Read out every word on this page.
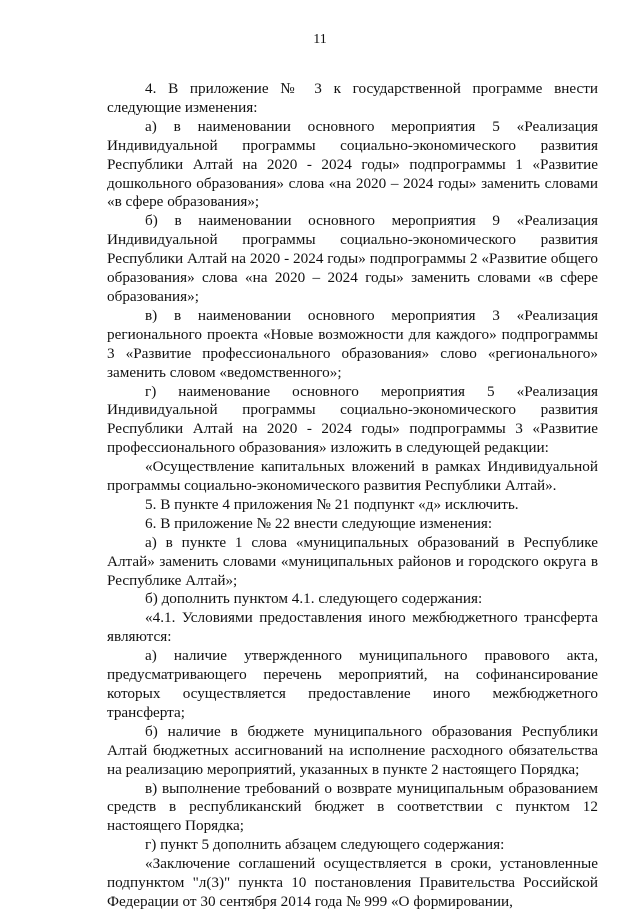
11

4. В приложение № 3 к государственной программе внести следующие изменения:

а) в наименовании основного мероприятия 5 «Реализация Индивидуальной программы социально-экономического развития Республики Алтай на 2020 - 2024 годы» подпрограммы 1 «Развитие дошкольного образования» слова «на 2020 – 2024 годы» заменить словами «в сфере образования»;

б) в наименовании основного мероприятия 9 «Реализация Индивидуальной программы социально-экономического развития Республики Алтай на 2020 - 2024 годы» подпрограммы 2 «Развитие общего образования» слова «на 2020 – 2024 годы» заменить словами «в сфере образования»;

в) в наименовании основного мероприятия 3 «Реализация регионального проекта «Новые возможности для каждого» подпрограммы 3 «Развитие профессионального образования» слово «регионального» заменить словом «ведомственного»;

г) наименование основного мероприятия 5 «Реализация Индивидуальной программы социально-экономического развития Республики Алтай на 2020 - 2024 годы» подпрограммы 3 «Развитие профессионального образования» изложить в следующей редакции:

«Осуществление капитальных вложений в рамках Индивидуальной программы социально-экономического развития Республики Алтай».

5. В пункте 4 приложения № 21 подпункт «д» исключить.

6. В приложение № 22 внести следующие изменения:

а) в пункте 1 слова «муниципальных образований в Республике Алтай» заменить словами «муниципальных районов и городского округа в Республике Алтай»;

б) дополнить пунктом 4.1. следующего содержания:

«4.1. Условиями предоставления иного межбюджетного трансферта являются:

а) наличие утвержденного муниципального правового акта, предусматривающего перечень мероприятий, на софинансирование которых осуществляется предоставление иного межбюджетного трансферта;

б) наличие в бюджете муниципального образования Республики Алтай бюджетных ассигнований на исполнение расходного обязательства на реализацию мероприятий, указанных в пункте 2 настоящего Порядка;

в) выполнение требований о возврате муниципальным образованием средств в республиканский бюджет в соответствии с пунктом 12 настоящего Порядка;

г) пункт 5 дополнить абзацем следующего содержания:

«Заключение соглашений осуществляется в сроки, установленные подпунктом "л(3)" пункта 10 постановления Правительства Российской Федерации от 30 сентября 2014 года № 999 «О формировании,
